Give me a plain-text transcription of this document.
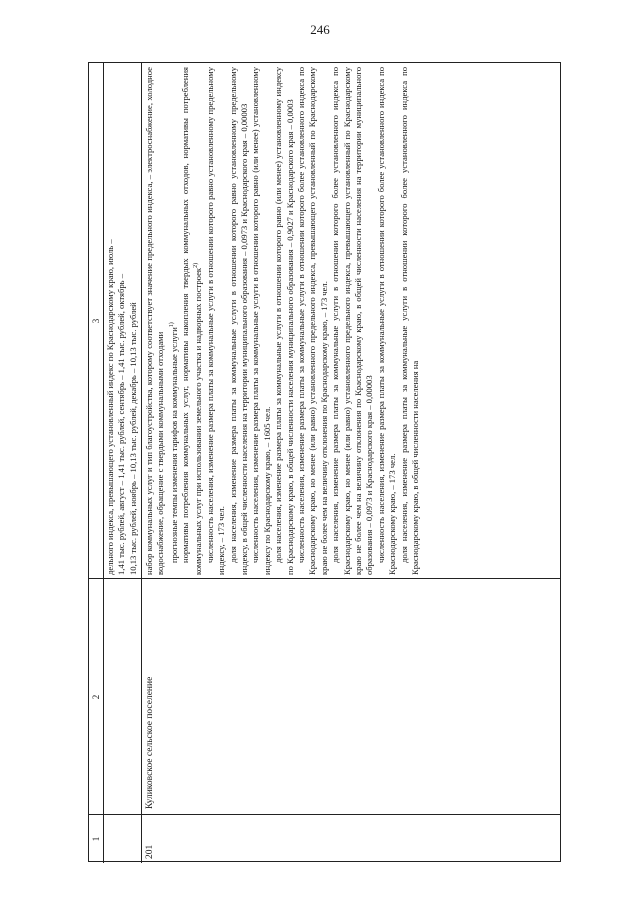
246
1
2
3 дельного индекса, превышающего установленный индекс по Краснодарскому краю, июль – 1,41 тыс. рублей, август – 1,41 тыс. рублей, сентябрь – 1,41 тыс. рублей, октябрь – 10,13 тыс. рублей, ноябрь – 10,13 тыс. рублей, декабрь – 10,13 тыс. рублей

201
Куликовское сельское поселение

набор коммунальных услуг и тип благоустройства, которому соответствует значение предельного индекса, – электроснабжение, холодное водоснабжение, обращение с твердыми коммунальными отходами прогнозные темпы изменения тарифов на коммунальные услуги$^{1)}$ нормативы потребления коммунальных услуг, нормативы накопления твердых коммунальных отходов, нормативы потребления коммунальных услуг при использовании земельного участка и надворных построек$^{2)}$ численность населения, изменение размера платы за коммунальные услуги в отношении которого равно установленному предельному индексу, – 173 чел. доля населения, изменение размера платы за коммунальные услуги в отношении которого равно установленному предельному индексу, в общей численности населения на территории муниципального образования – 0,0973 и Краснодарского края – 0,00003 численность населения, изменение размера платы за коммунальные услуги в отношении которого равно (или менее) установленному индексу по Краснодарскому краю, – 1605 чел. доля населения, изменение размера платы за коммунальные услуги в отношении которого равно (или менее) установленному индексу по Краснодарскому краю, в общей численности населения муниципального образования – 0,9027 и Краснодарского края – 0,0003 численность населения, изменение размера платы за коммунальные услуги в отношении которого более установленного индекса по Краснодарскому краю, но менее (или равно) установленного предельного индекса, превышающего установленный по Краснодарскому краю не более чем на величину отклонения по Краснодарскому краю, – 173 чел. доля населения, изменение размера платы за коммунальные услуги в отношении которого более установленного индекса по Краснодарскому краю, но менее (или равно) установленного предельного индекса, превышающего установленный по Краснодарскому краю не более чем на величину отклонения по Краснодарскому краю, в общей численности населения на территории муниципального образования – 0,0973 и Краснодарского края – 0,00003 численность населения, изменение размера платы за коммунальные услуги в отношении которого более установленного индекса по Краснодарскому краю, – 173 чел. доля населения, изменение размера платы за коммунальные услуги в отношении которого более установленного индекса по Краснодарскому краю, в общей численности населения на
